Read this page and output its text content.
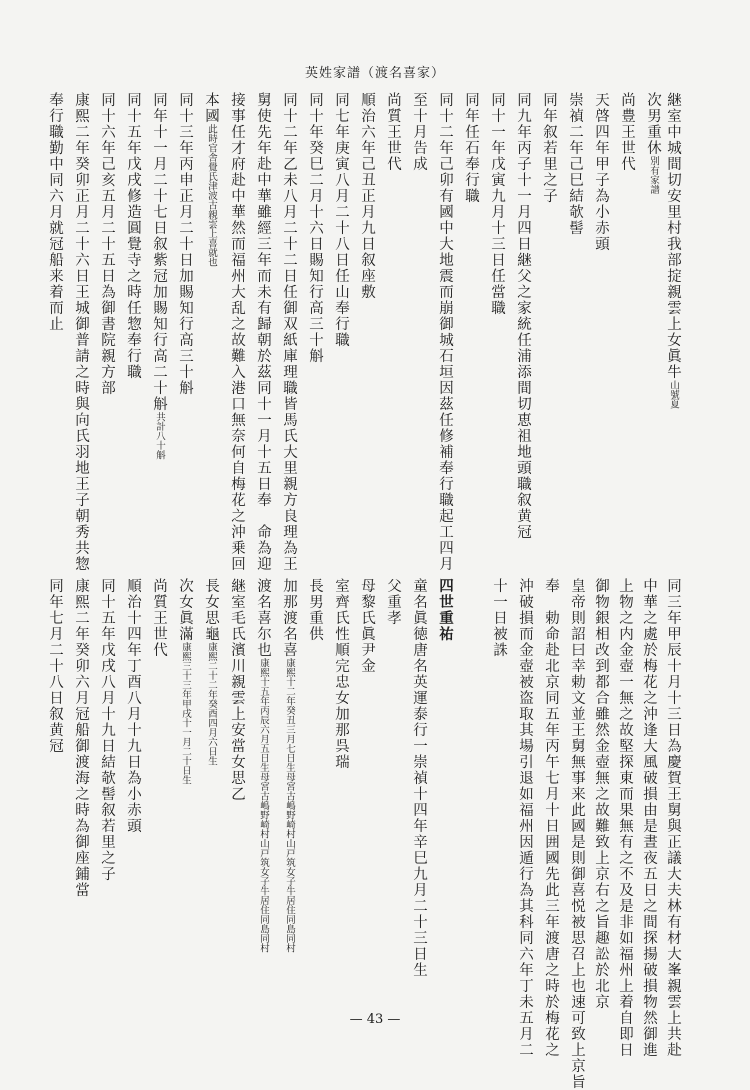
英姓家譜（渡名喜家）
継室中城間切安里村我部掟親雲上女眞牛山號夏
次男重休別有家譜
尚豊王世代
天啓四年甲子為小赤頭
崇禎二年己巳結欹髻
同年叙若里之子
同九年丙子十一月四日継父之家統任浦添間切恵祖地頭職叙黄冠
同十一年戊寅九月十三日任當職
同年任石奉行職
同十二年己卯有國中大地震而崩御城石垣因茲任修補奉行職起工四月
至十月告成
尚質王世代
順治六年己丑正月九日叙座敷
同七年庚寅八月二十八日任山奉行職
同十年癸巳二月十六日賜知行高三十斛
同十二年乙未八月二十二日任御双紙庫理職皆馬氏大里親方良理為王
舅使先年赴中華雖經三年而未有歸朝於茲同十一月十五日奉　命為迎
接事任才府赴中華然而福州大乱之故難入港口無奈何自梅花之沖乗回
本國此時官舎覺氏津波古親雲上喜就也
同十三年丙申正月二十日加賜知行高三十斛
同年十一月二十七日叙紫冠加賜知行高二十斛共計八十斛
同十五年戊戌修造圓覺寺之時任惣奉行職
同十六年己亥五月二十五日為御書院親方部
康熙二年癸卯正月二十六日王城御普請之時與向氏羽地王子朝秀共惣
奉行職勤中同六月就冠船来着而止
同三年甲辰十月十三日為慶賀王舅與正議大夫林有材大峯親雲上共赴
中華之處於梅花之沖逢大風破損由是晝夜五日之間探揚破損物然御進
上物之内金壺一無之故堅探東而果無有之不及是非如福州上着自即日
御物銀相改到都合雖然金壺無之故難致上京右之旨趣訟於北京
皇帝則詔曰幸勅文並王舅無事来此國是則御喜悦被思召上也速可致上京旨
奉　勅命赴北京同五年丙午七月十日囲國先此三年渡唐之時於梅花之
沖破損而金壺被盗取其場引退如福州因遁行為其科同六年丁未五月二
十一日被誅
四世重祐
童名眞徳唐名英運泰行一崇禎十四年辛巳九月二十三日生
父重孝
母黎氏眞尹金
室齊氏性順完忠女加那呉瑞
長男重供
加那渡名喜康熙十二年癸丑三月七日生母宮古嶋野崎村山戸筑女子牛居住同島同村
渡名喜尔也康熙十五年丙辰六月五日生母宮古嶋野崎村山戸筑女子牛居住同島同村
継室毛氏濱川親雲上安當女思乙
長女思龜康熙二十二年癸酉四月六日生
次女眞滿康熙三十三年甲戌十一月二十日生
尚質王世代
順治十四年丁酉八月十九日為小赤頭
同十五年戊戌八月十九日結欹髻叙若里之子
康熙二年癸卯六月冠船御渡海之時為御座鋪當
同年七月二十八日叙黄冠
— 43 —
